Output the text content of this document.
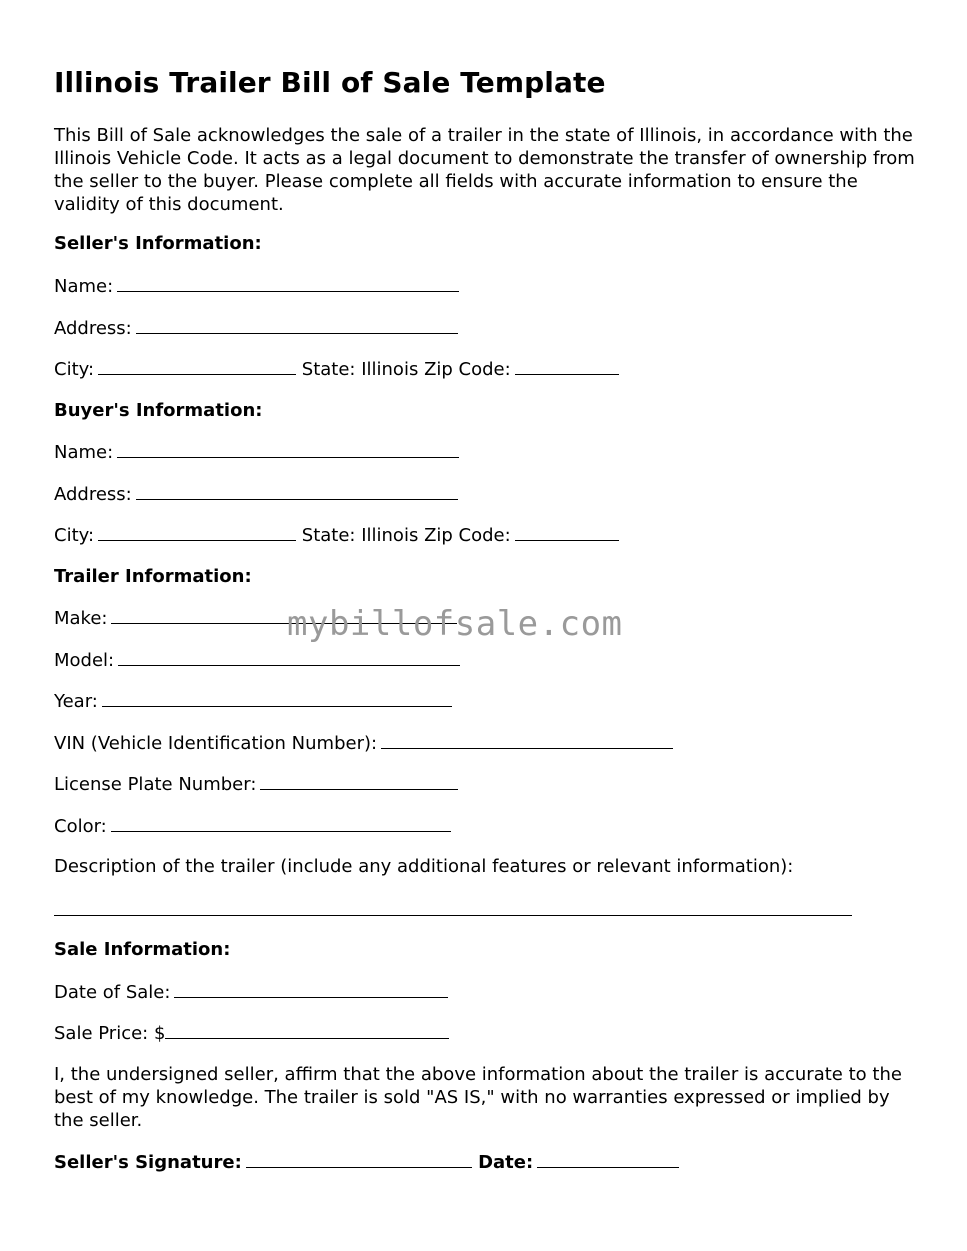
Illinois Trailer Bill of Sale Template
This Bill of Sale acknowledges the sale of a trailer in the state of Illinois, in accordance with the Illinois Vehicle Code. It acts as a legal document to demonstrate the transfer of ownership from the seller to the buyer. Please complete all fields with accurate information to ensure the validity of this document.
Seller's Information:
Name:
Address:
City:	State: Illinois Zip Code:
Buyer's Information:
Name:
Address:
City:	State: Illinois Zip Code:
Trailer Information:
Make:
Model:
Year:
VIN (Vehicle Identification Number):
License Plate Number:
Color:
Description of the trailer (include any additional features or relevant information):
Sale Information:
Date of Sale:
Sale Price: $
I, the undersigned seller, affirm that the above information about the trailer is accurate to the best of my knowledge. The trailer is sold "AS IS," with no warranties expressed or implied by the seller.
Seller's Signature:	Date:
mybillofsale.com
